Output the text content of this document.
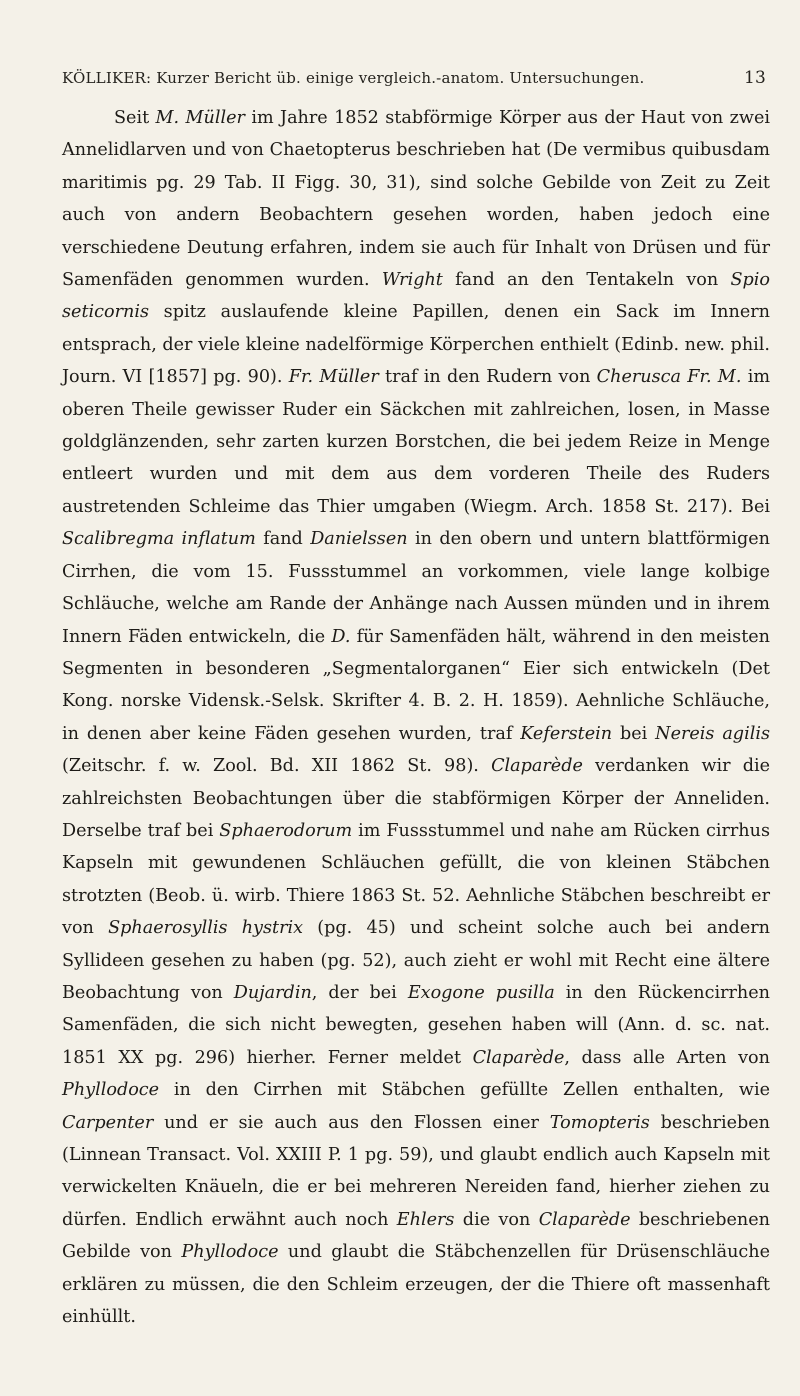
KÖLLIKER: Kurzer Bericht üb. einige vergleich.-anatom. Untersuchungen.	13

Seit M. Müller im Jahre 1852 stabförmige Körper aus der Haut von zwei Annelidlarven und von Chaetopterus beschrieben hat (De vermibus quibusdam maritimis pg. 29 Tab. II Figg. 30, 31), sind solche Gebilde von Zeit zu Zeit auch von andern Beobachtern gesehen worden, haben jedoch eine verschiedene Deutung erfahren, indem sie auch für Inhalt von Drüsen und für Samenfäden genommen wurden. Wright fand an den Tentakeln von Spio seticornis spitz auslaufende kleine Papillen, denen ein Sack im Innern entsprach, der viele kleine nadelförmige Körperchen enthielt (Edinb. new. phil. Journ. VI [1857] pg. 90). Fr. Müller traf in den Rudern von Cherusca Fr. M. im oberen Theile gewisser Ruder ein Säckchen mit zahlreichen, losen, in Masse goldglänzenden, sehr zarten kurzen Borstchen, die bei jedem Reize in Menge entleert wurden und mit dem aus dem vorderen Theile des Ruders austretenden Schleime das Thier umgaben (Wiegm. Arch. 1858 St. 217). Bei Scalibregma inflatum fand Danielssen in den obern und untern blattförmigen Cirrhen, die vom 15. Fussstummel an vorkommen, viele lange kolbige Schläuche, welche am Rande der Anhänge nach Aussen münden und in ihrem Innern Fäden entwickeln, die D. für Samenfäden hält, während in den meisten Segmenten in besonderen „Segmentalorganen“ Eier sich entwickeln (Det Kong. norske Vidensk.-Selsk. Skrifter 4. B. 2. H. 1859). Aehnliche Schläuche, in denen aber keine Fäden gesehen wurden, traf Keferstein bei Nereis agilis (Zeitschr. f. w. Zool. Bd. XII 1862 St. 98). Claparède verdanken wir die zahlreichsten Beobachtungen über die stabförmigen Körper der Anneliden. Derselbe traf bei Sphaerodorum im Fussstummel und nahe am Rücken cirrhus Kapseln mit gewundenen Schläuchen gefüllt, die von kleinen Stäbchen strotzten (Beob. ü. wirb. Thiere 1863 St. 52. Aehnliche Stäbchen beschreibt er von Sphaerosyllis hystrix (pg. 45) und scheint solche auch bei andern Syllideen gesehen zu haben (pg. 52), auch zieht er wohl mit Recht eine ältere Beobachtung von Dujardin, der bei Exogone pusilla in den Rückencirrhen Samenfäden, die sich nicht bewegten, gesehen haben will (Ann. d. sc. nat. 1851 XX pg. 296) hierher. Ferner meldet Claparède, dass alle Arten von Phyllodoce in den Cirrhen mit Stäbchen gefüllte Zellen enthalten, wie Carpenter und er sie auch aus den Flossen einer Tomopteris beschrieben (Linnean Transact. Vol. XXIII P. 1 pg. 59), und glaubt endlich auch Kapseln mit verwickelten Knäueln, die er bei mehreren Nereiden fand, hierher ziehen zu dürfen. Endlich erwähnt auch noch Ehlers die von Claparède beschriebenen Gebilde von Phyllodoce und glaubt die Stäbchenzellen für Drüsenschläuche erklären zu müssen, die den Schleim erzeugen, der die Thiere oft massenhaft einhüllt.
